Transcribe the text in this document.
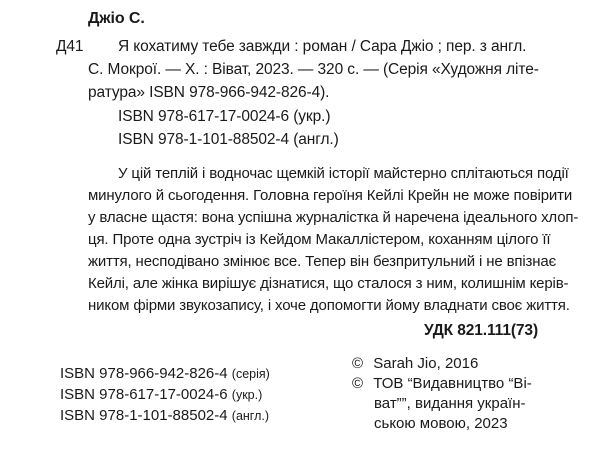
Джіо С.
Д41 Я кохатиму тебе завжди : роман / Сара Джіо ; пер. з англ.
С. Мокрої. — Х. : Віват, 2023. — 320 с. — (Серія «Художня літе-
ратура» ISBN 978-966-942-826-4).
ISBN 978-617-17-0024-6 (укр.)
ISBN 978-1-101-88502-4 (англ.)
У цій теплій і водночас щемкій історії майстерно сплітаються події
минулого й сьогодення. Головна героїня Кейлі Крейн не може повірити
у власне щастя: вона успішна журналістка й наречена ідеального хлоп-
ця. Проте одна зустріч із Кейдом Макаллістером, коханням цілого її
життя, несподівано змінює все. Тепер він безпритульний і не впізнає
Кейлі, але жінка вирішує дізнатися, що сталося з ним, колишнім керів-
ником фірми звукозапису, і хоче допомогти йому владнати своє життя.
УДК 821.111(73)
ISBN 978-966-942-826-4 (серія)
ISBN 978-617-17-0024-6 (укр.)
ISBN 978-1-101-88502-4 (англ.)
© Sarah Jio, 2016
© ТОВ “Видавництво “Ві-
ват””, видання україн-
ською мовою, 2023
